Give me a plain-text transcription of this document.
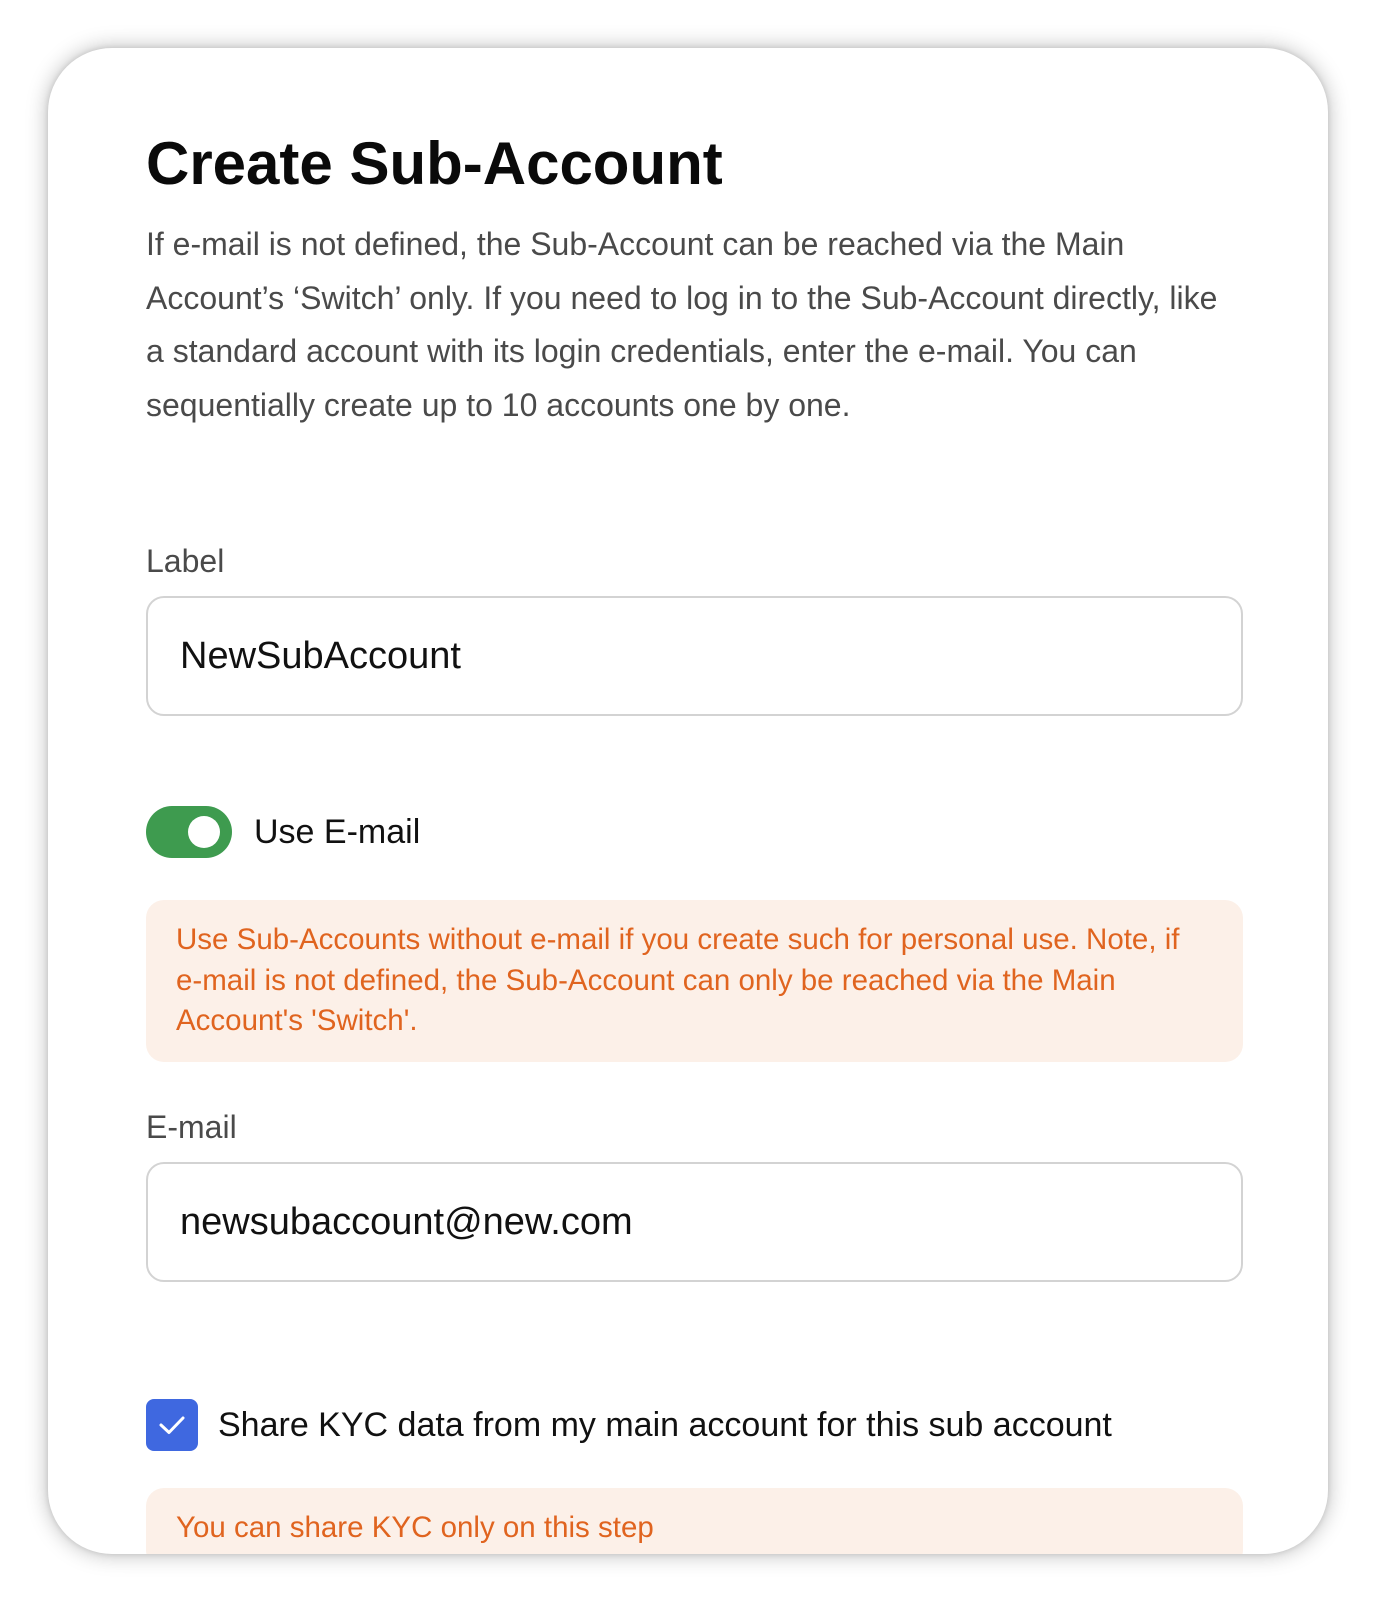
Create Sub-Account

If e-mail is not defined, the Sub-Account can be reached via the Main Account’s ‘Switch’ only. If you need to log in to the Sub-Account directly, like a standard account with its login credentials, enter the e-mail. You can sequentially create up to 10 accounts one by one.

Label
NewSubAccount
Use E-mail
Use Sub-Accounts without e-mail if you create such for personal use. Note, if e-mail is not defined, the Sub-Account can only be reached via the Main Account's 'Switch'.
E-mail
newsubaccount@new.com
Share KYC data from my main account for this sub account
You can share KYC only on this step
